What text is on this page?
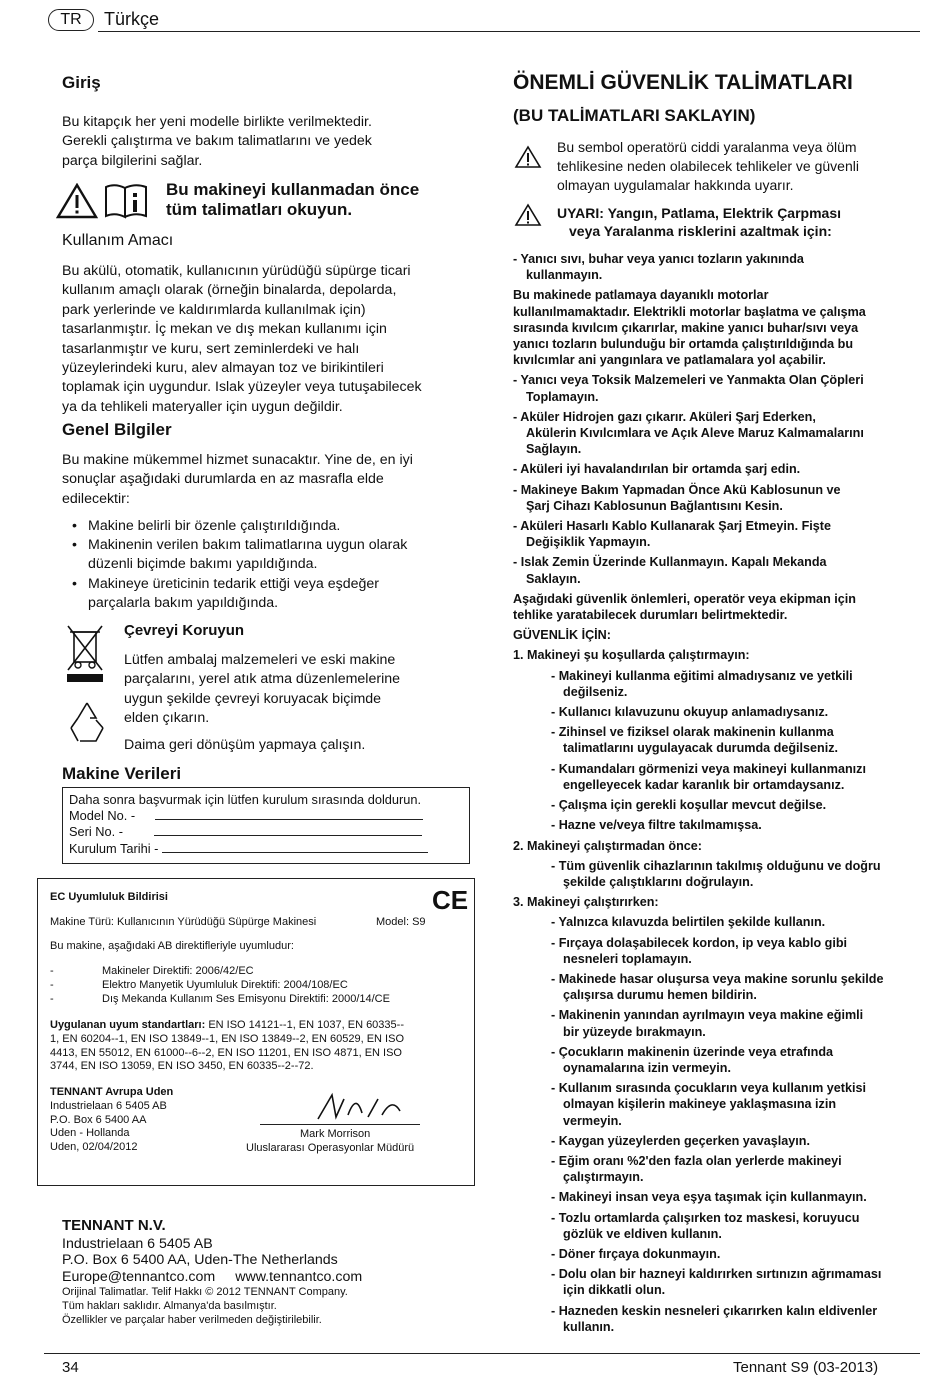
TR	Türkçe
Giriş
Bu kitapçık her yeni modelle birlikte verilmektedir.
Gerekli çalıştırma ve bakım talimatlarını ve yedek
parça bilgilerini sağlar.
Bu makineyi kullanmadan önce
tüm talimatları okuyun.
Kullanım Amacı
Bu akülü, otomatik, kullanıcının yürüdüğü süpürge ticari
kullanım amaçlı olarak (örneğin binalarda, depolarda,
park yerlerinde ve kaldırımlarda kullanılmak için)
tasarlanmıştır. İç mekan ve dış mekan kullanımı için
tasarlanmıştır ve kuru, sert zeminlerdeki ve halı
yüzeylerindeki kuru, alev almayan toz ve birikintileri
toplamak için uygundur. Islak yüzeyler veya tutuşabilecek
ya da tehlikeli materyaller için uygun değildir.
Genel Bilgiler
Bu makine mükemmel hizmet sunacaktır. Yine de, en iyi
sonuçlar aşağıdaki durumlarda en az masrafla elde
edilecektir:
• Makine belirli bir özenle çalıştırıldığında.
• Makinenin verilen bakım talimatlarına uygun olarak
düzenli biçimde bakımı yapıldığında.
• Makineye üreticinin tedarik ettiği veya eşdeğer
parçalarla bakım yapıldığında.
Çevreyi Koruyun
Lütfen ambalaj malzemeleri ve eski makine
parçalarını, yerel atık atma düzenlemelerine
uygun şekilde çevreyi koruyacak biçimde
elden çıkarın.
Daima geri dönüşüm yapmaya çalışın.
Makine Verileri
Daha sonra başvurmak için lütfen kurulum sırasında doldurun.
Model No. -
Seri No. -
Kurulum Tarihi -
EC Uyumluluk Bildirisi	CE
Makine Türü: Kullanıcının Yürüdüğü Süpürge Makinesi	Model: S9
Bu makine, aşağıdaki AB direktifleriyle uyumludur:
-	Makineler Direktifi: 2006/42/EC
-	Elektro Manyetik Uyumluluk Direktifi: 2004/108/EC
-	Dış Mekanda Kullanım Ses Emisyonu Direktifi: 2000/14/CE
Uygulanan uyum standartları: EN ISO 14121--1, EN 1037, EN 60335--
1, EN 60204--1, EN ISO 13849--1, EN ISO 13849--2, EN 60529, EN ISO
4413, EN 55012, EN 61000--6--2, EN ISO 11201, EN ISO 4871, EN ISO
3744, EN ISO 13059, EN ISO 3450, EN 60335--2--72.
TENNANT Avrupa Uden
Industrielaan 6 5405 AB
P.O. Box 6 5400 AA
Uden - Hollanda
Uden, 02/04/2012
Mark Morrison
Uluslararası Operasyonlar Müdürü
TENNANT N.V.
Industrielaan 6 5405 AB
P.O. Box 6 5400 AA, Uden-The Netherlands
Europe@tennantco.com www.tennantco.com
Orijinal Talimatlar. Telif Hakkı © 2012 TENNANT Company.
Tüm hakları saklıdır. Almanya'da basılmıştır.
Özellikler ve parçalar haber verilmeden değiştirilebilir.
ÖNEMLİ GÜVENLİK TALİMATLARI
(BU TALİMATLARI SAKLAYIN)
Bu sembol operatörü ciddi yaralanma veya ölüm
tehlikesine neden olabilecek tehlikeler ve güvenli
olmayan uygulamalar hakkında uyarır.
UYARI: Yangın, Patlama, Elektrik Çarpması
veya Yaralanma risklerini azaltmak için:
- Yanıcı sıvı, buhar veya yanıcı tozların yakınında
kullanmayın.
Bu makinede patlamaya dayanıklı motorlar
kullanılmamaktadır. Elektrikli motorlar başlatma ve çalışma
sırasında kıvılcım çıkarırlar, makine yanıcı buhar/sıvı veya
yanıcı tozların bulunduğu bir ortamda çalıştırıldığında bu
kıvılcımlar ani yangınlara ve patlamalara yol açabilir.
- Yanıcı veya Toksik Malzemeleri ve Yanmakta Olan Çöpleri
Toplamayın.
- Aküler Hidrojen gazı çıkarır. Aküleri Şarj Ederken,
Akülerin Kıvılcımlara ve Açık Aleve Maruz Kalmamalarını
Sağlayın.
- Aküleri iyi havalandırılan bir ortamda şarj edin.
- Makineye Bakım Yapmadan Önce Akü Kablosunun ve
Şarj Cihazı Kablosunun Bağlantısını Kesin.
- Aküleri Hasarlı Kablo Kullanarak Şarj Etmeyin. Fişte
Değişiklik Yapmayın.
- Islak Zemin Üzerinde Kullanmayın. Kapalı Mekanda
Saklayın.
Aşağıdaki güvenlik önlemleri, operatör veya ekipman için
tehlike yaratabilecek durumları belirtmektedir.
GÜVENLİK İÇİN:
1. Makineyi şu koşullarda çalıştırmayın:
- Makineyi kullanma eğitimi almadıysanız ve yetkili
değilseniz.
- Kullanıcı kılavuzunu okuyup anlamadıysanız.
- Zihinsel ve fiziksel olarak makinenin kullanma
talimatlarını uygulayacak durumda değilseniz.
- Kumandaları görmenizi veya makineyi kullanmanızı
engelleyecek kadar karanlık bir ortamdaysanız.
- Çalışma için gerekli koşullar mevcut değilse.
- Hazne ve/veya filtre takılmamışsa.
2. Makineyi çalıştırmadan önce:
- Tüm güvenlik cihazlarının takılmış olduğunu ve doğru
şekilde çalıştıklarını doğrulayın.
3. Makineyi çalıştırırken:
- Yalnızca kılavuzda belirtilen şekilde kullanın.
- Fırçaya dolaşabilecek kordon, ip veya kablo gibi
nesneleri toplamayın.
- Makinede hasar oluşursa veya makine sorunlu şekilde
çalışırsa durumu hemen bildirin.
- Makinenin yanından ayrılmayın veya makine eğimli
bir yüzeyde bırakmayın.
- Çocukların makinenin üzerinde veya etrafında
oynamalarına izin vermeyin.
- Kullanım sırasında çocukların veya kullanım yetkisi
olmayan kişilerin makineye yaklaşmasına izin
vermeyin.
- Kaygan yüzeylerden geçerken yavaşlayın.
- Eğim oranı %2'den fazla olan yerlerde makineyi
çalıştırmayın.
- Makineyi insan veya eşya taşımak için kullanmayın.
- Tozlu ortamlarda çalışırken toz maskesi, koruyucu
gözlük ve eldiven kullanın.
- Döner fırçaya dokunmayın.
- Dolu olan bir hazneyi kaldırırken sırtınızın ağrımaması
için dikkatli olun.
- Hazneden keskin nesneleri çıkarırken kalın eldivenler
kullanın.
34	Tennant S9 (03-2013)
